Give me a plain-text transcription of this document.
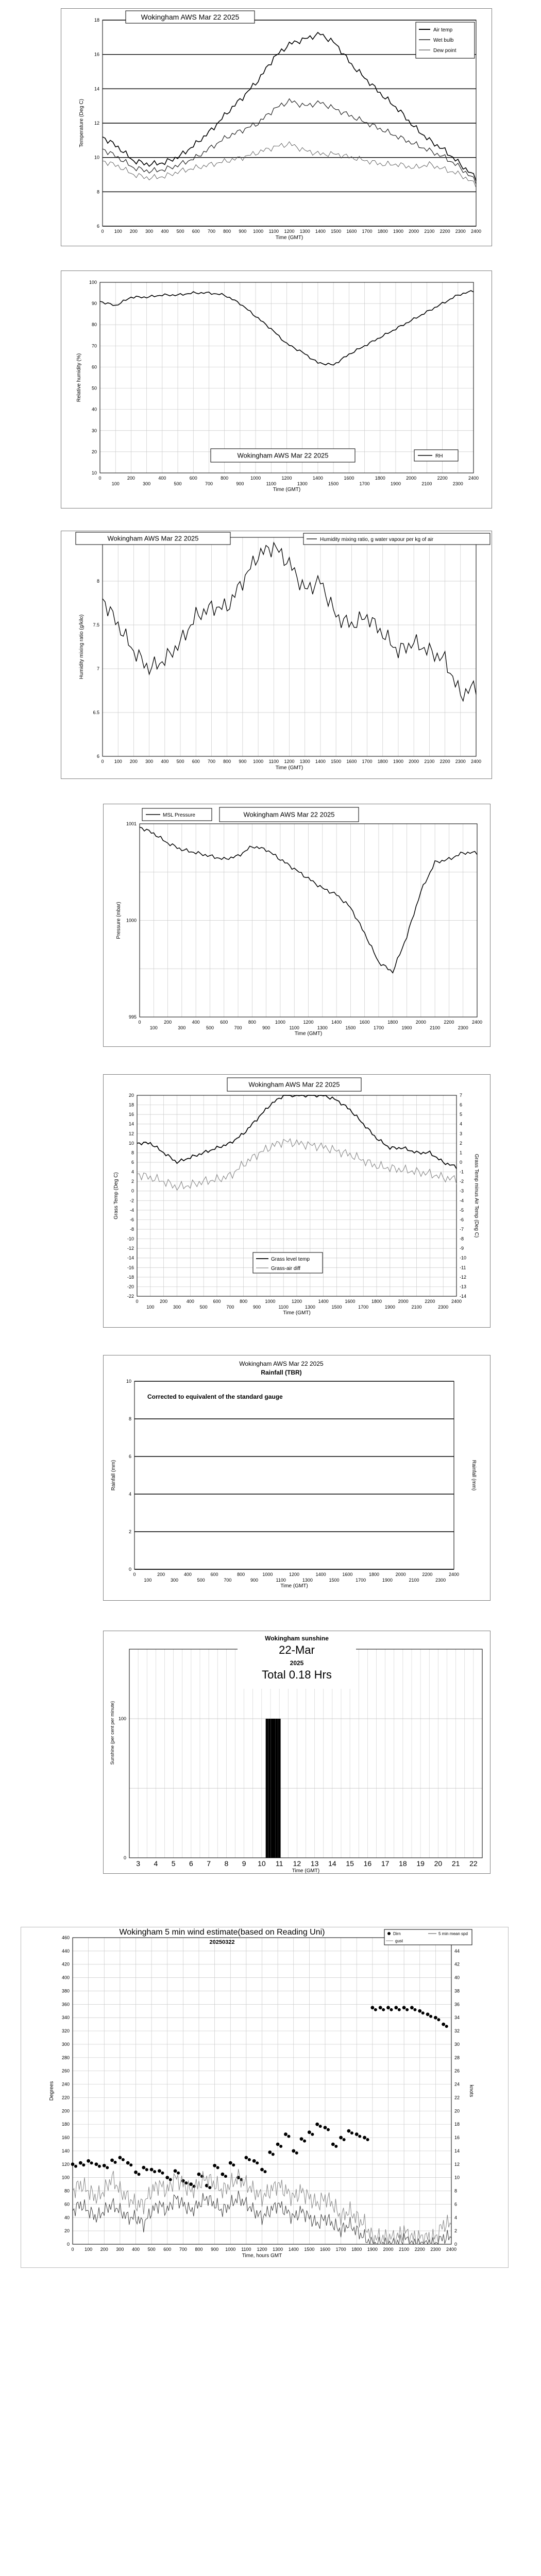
6
8
10
12
14
16
18
0 100 200 300 400 500 600 700 800 900 1000 1100 1200 1300 1400 1500 1600 1700 1800 1900 2000 2100 2200 2300 2400
Time (GMT)
Temperature (Deg C)
Wokingham AWS Mar 22 2025
Air temp
Wet bulb
Dew point
10
20
30
40
50
60
70
80
90
100
0	200	400	600	800	1000	1200	1400	1600	1800	2000	2200	2400
100	300	500	700	900	1100	1300	1500	1700	1900	2100	2300
Time (GMT)
Relative humidity (%)
Wokingham AWS Mar 22 2025	RH
6
6.5
7
7.5
8
0 100 200 300 400 500 600 700 800 900 1000 1100 1200 1300 1400 1500 1600 1700 1800 1900 2000 2100 2200 2300 2400
Time (GMT)
Humidity mixing ratio (g/kilo)
Wokingham AWS Mar 22 2025	Humidity mixing ratio, g water vapour per kg of air
995
1000
1001
0	200	400	600	800	1000	1200	1400	1600	1800	2000	2200	2400
100	300	500	700	900	1100	1300	1500	1700	1900	2100	2300
Time (GMT)
Pressure (mbar)
MSL Pressure	Wokingham AWS Mar 22 2025
-22
-20
-18
-16
-14
-12
-10
-8
-6
-4
-2
0
2
4
6
8
10
12
14
16
18
20
-14
-13
-12
-11
-10
-9
-8
-7
-6
-5
-4
-3
-2
-1
0
1
2
3
4
5
6
7
0	200	400	600	800	1000	1200	1400	1600	1800	2000	2200	2400
100	300	500	700	900	1100	1300	1500	1700	1900	2100	2300
Time (GMT)
Grass Temp (Deg C)	Grass Temp minus Air Temp (Deg C)
Wokingham AWS Mar 22 2025
Grass level temp
Grass-air diff
0
2
4
6
8
10
0	200	400	600	800	1000	1200	1400	1600	1800	2000	2200	2400
100	300	500	700	900	1100	1300	1500	1700	1900	2100	2300
Time (GMT)
Rainfall (mm)	Rainfall (mm)
Wokingham AWS Mar 22 2025
Rainfall (TBR)
Corrected to equivalent of the standard gauge
0
100
3 4 5 6 7 8 9 10 11 12 13 14 15 16 17 18 19 20 21 22
Time (GMT)
Sunshine (per cent per minute)
Wokingham sunshine
22-Mar
2025
Total 0.18 Hrs
0
20
40
60
80
100
120
140
160
180
200
220
240
260
280
300
320
340
360
380
400
420
440
460
0
2
4
6
8
10
12
14
16
18
20
22
24
26
28
30
32
34
36
38
40
42
44
0 100 200 300 400 500 600 700 800 900 1000 1100 1200 1300 1400 1500 1600 1700 1800 1900 2000 2100 2200 2300 2400
Time, hours GMT
Degrees	knots
Wokingham 5 min wind estimate(based on Reading Uni)
20250322
Dirn	5 min mean spd
gust
